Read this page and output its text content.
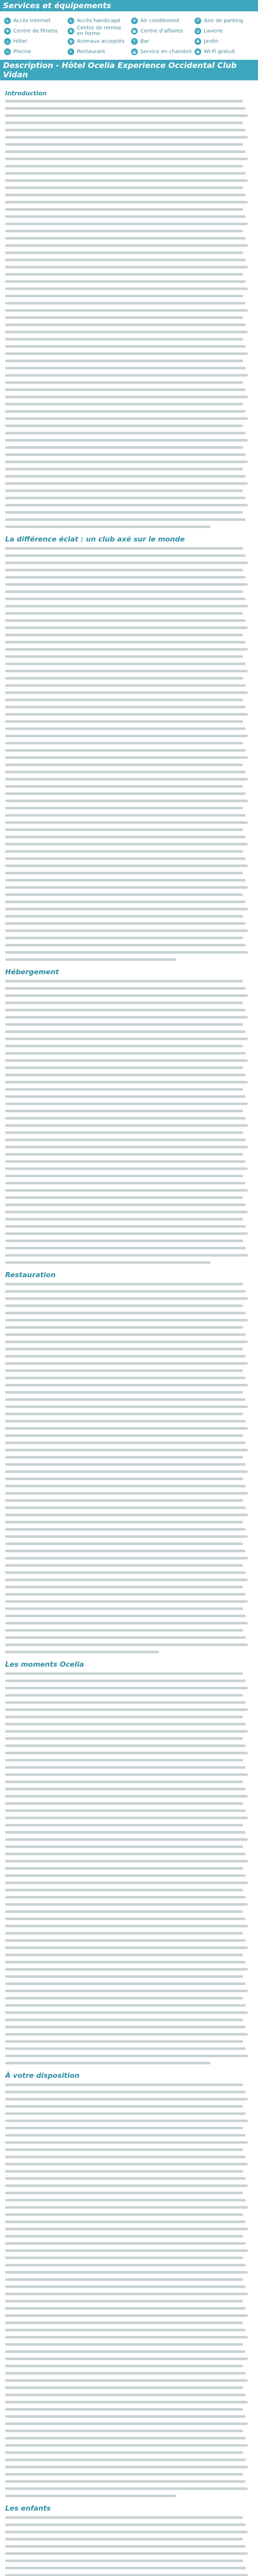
Services et équipements
♿ Accès Internet	♿ Accès handicapé	❄ Air conditionné	P Aire de parking
✚ Centre de fitness	❀ Centre de remise en forme	▣ Centre d'affaires	◎ Laverie
⌂ Hôtel	✿ Animaux acceptés	Y Bar	♣ Jardin
≈ Piscine	✕ Restaurant	◒ Service en chambre	◉ Wi-Fi gratuit
Description - Hôtel Ocelia Experience Occidental Club Vidan
Introduction
La différence éclat : un club axé sur le monde
Hébergement
Restauration
Les moments Ocelia
À votre disposition
Les enfants
